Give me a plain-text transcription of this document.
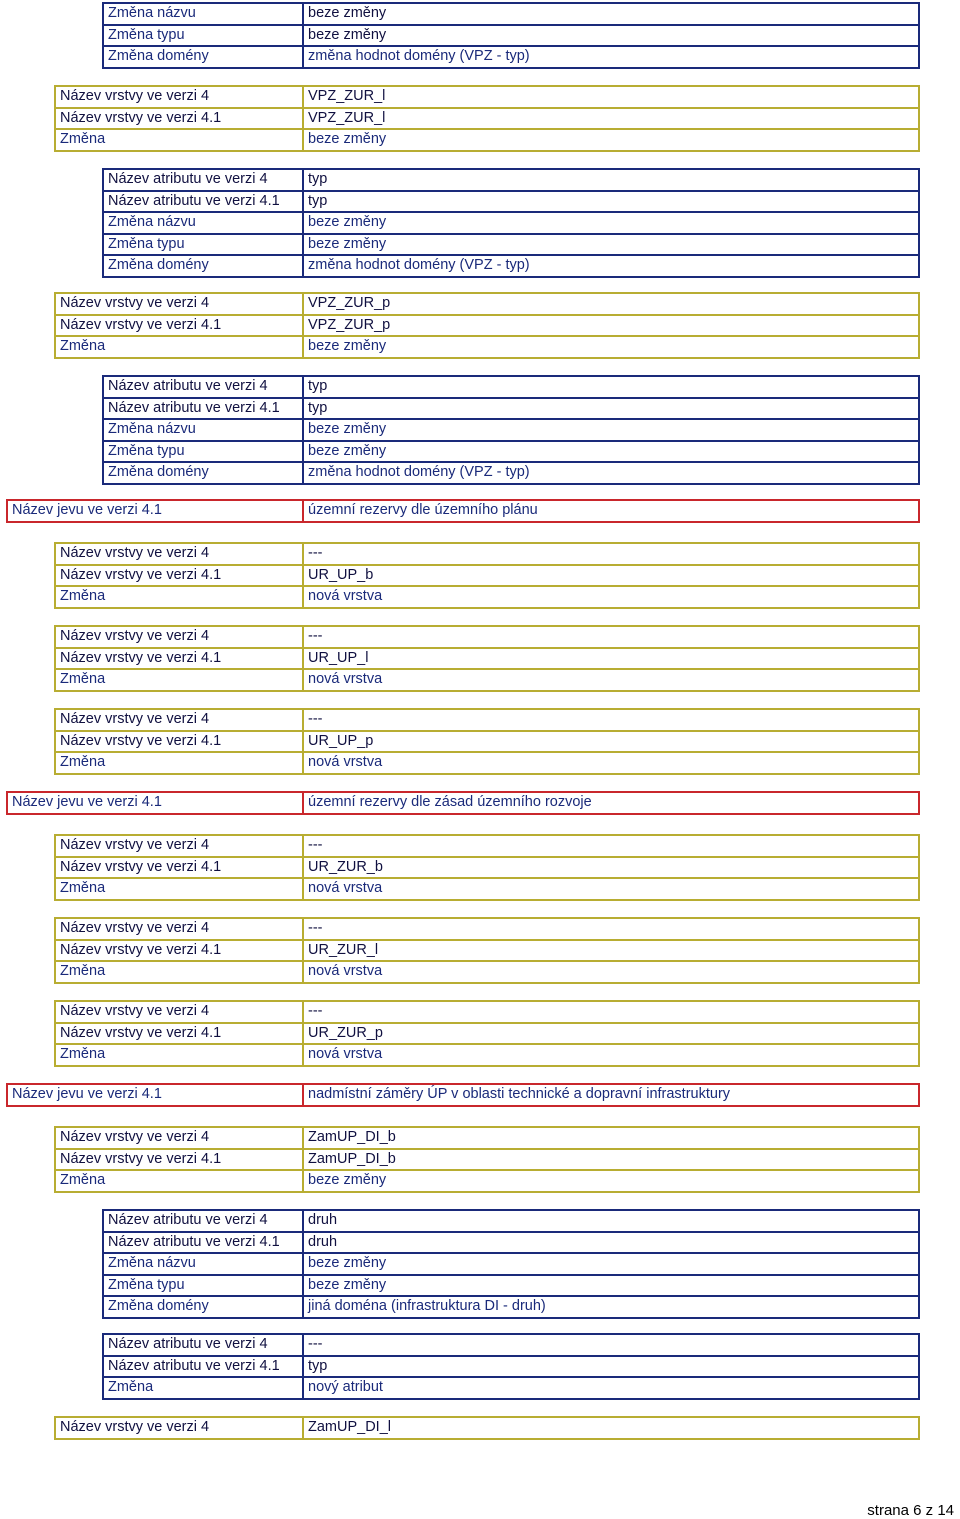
Změna názvu	beze změny
Změna typu	beze změny
Změna domény	změna hodnot domény (VPZ - typ)
Název vrstvy ve verzi 4	VPZ_ZUR_l
Název vrstvy ve verzi 4.1	VPZ_ZUR_l
Změna	beze změny
Název atributu ve verzi 4	typ
Název atributu ve verzi 4.1	typ
Změna názvu	beze změny
Změna typu	beze změny
Změna domény	změna hodnot domény (VPZ - typ)
Název vrstvy ve verzi 4	VPZ_ZUR_p
Název vrstvy ve verzi 4.1	VPZ_ZUR_p
Změna	beze změny
Název atributu ve verzi 4	typ
Název atributu ve verzi 4.1	typ
Změna názvu	beze změny
Změna typu	beze změny
Změna domény	změna hodnot domény (VPZ - typ)
Název jevu ve verzi 4.1	územní rezervy dle územního plánu
Název vrstvy ve verzi 4	---
Název vrstvy ve verzi 4.1	UR_UP_b
Změna	nová vrstva
Název vrstvy ve verzi 4	---
Název vrstvy ve verzi 4.1	UR_UP_l
Změna	nová vrstva
Název vrstvy ve verzi 4	---
Název vrstvy ve verzi 4.1	UR_UP_p
Změna	nová vrstva
Název jevu ve verzi 4.1	územní rezervy dle zásad územního rozvoje
Název vrstvy ve verzi 4	---
Název vrstvy ve verzi 4.1	UR_ZUR_b
Změna	nová vrstva
Název vrstvy ve verzi 4	---
Název vrstvy ve verzi 4.1	UR_ZUR_l
Změna	nová vrstva
Název vrstvy ve verzi 4	---
Název vrstvy ve verzi 4.1	UR_ZUR_p
Změna	nová vrstva
Název jevu ve verzi 4.1	nadmístní záměry ÚP v oblasti technické a dopravní infrastruktury
Název vrstvy ve verzi 4	ZamUP_DI_b
Název vrstvy ve verzi 4.1	ZamUP_DI_b
Změna	beze změny
Název atributu ve verzi 4	druh
Název atributu ve verzi 4.1	druh
Změna názvu	beze změny
Změna typu	beze změny
Změna domény	jiná doména (infrastruktura DI - druh)
Název atributu ve verzi 4	---
Název atributu ve verzi 4.1	typ
Změna	nový atribut
Název vrstvy ve verzi 4	ZamUP_DI_l
strana 6 z 14
